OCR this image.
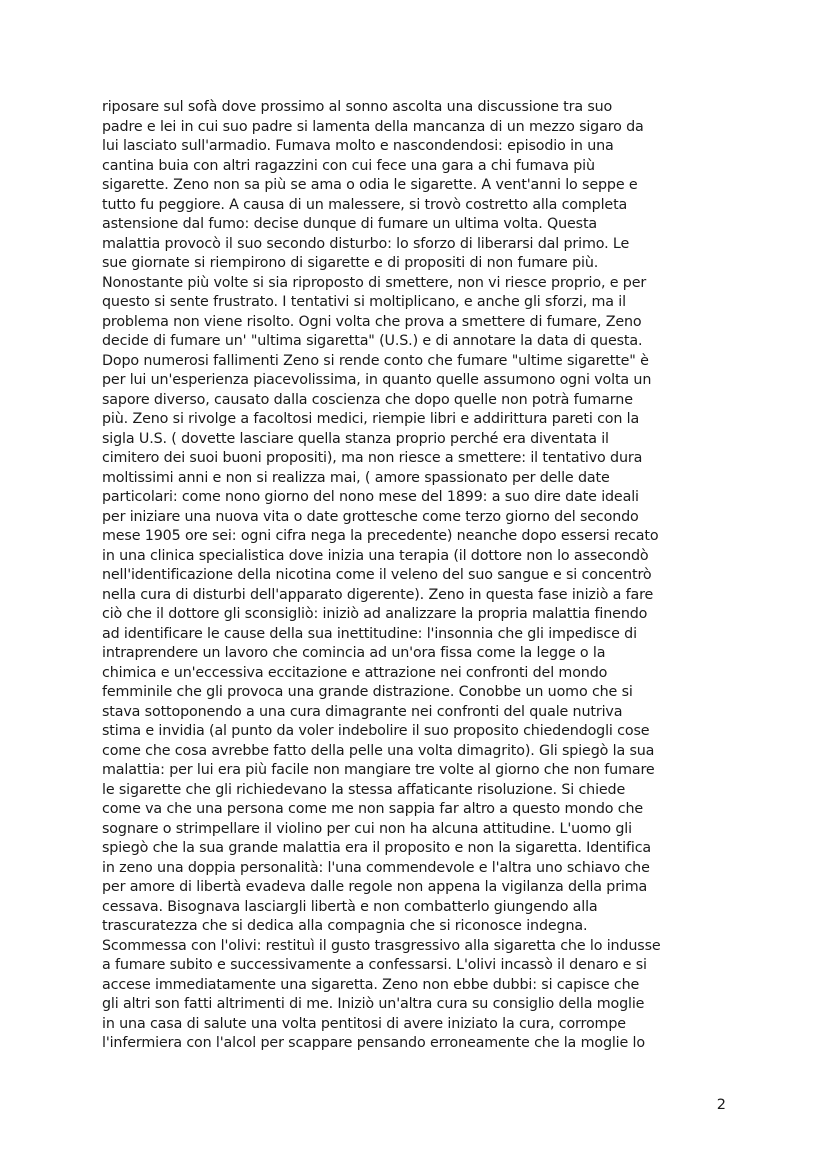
riposare sul sofà dove prossimo al sonno ascolta una discussione tra suo
padre e lei in cui suo padre si lamenta della mancanza di un mezzo sigaro da
lui lasciato sull'armadio. Fumava molto e nascondendosi: episodio in una
cantina buia con altri ragazzini con cui fece una gara a chi fumava più
sigarette. Zeno non sa più se ama o odia le sigarette. A vent'anni lo seppe e
tutto fu peggiore. A causa di un malessere, si trovò costretto alla completa
astensione dal fumo: decise dunque di fumare un ultima volta. Questa
malattia provocò il suo secondo disturbo: lo sforzo di liberarsi dal primo. Le
sue giornate si riempirono di sigarette e di propositi di non fumare più.
Nonostante più volte si sia riproposto di smettere, non vi riesce proprio, e per
questo si sente frustrato. I tentativi si moltiplicano, e anche gli sforzi, ma il
problema non viene risolto. Ogni volta che prova a smettere di fumare, Zeno
decide di fumare un' "ultima sigaretta" (U.S.) e di annotare la data di questa.
Dopo numerosi fallimenti Zeno si rende conto che fumare "ultime sigarette" è
per lui un'esperienza piacevolissima, in quanto quelle assumono ogni volta un
sapore diverso, causato dalla coscienza che dopo quelle non potrà fumarne
più. Zeno si rivolge a facoltosi medici, riempie libri e addirittura pareti con la
sigla U.S. ( dovette lasciare quella stanza proprio perché era diventata il
cimitero dei suoi buoni propositi), ma non riesce a smettere: il tentativo dura
moltissimi anni e non si realizza mai, ( amore spassionato per delle date
particolari: come nono giorno del nono mese del 1899: a suo dire date ideali
per iniziare una nuova vita o date grottesche come terzo giorno del secondo
mese 1905 ore sei: ogni cifra nega la precedente) neanche dopo essersi recato
in una clinica specialistica dove inizia una terapia (il dottore non lo assecondò
nell'identificazione della nicotina come il veleno del suo sangue e si concentrò
nella cura di disturbi dell'apparato digerente). Zeno in questa fase iniziò a fare
ciò che il dottore gli sconsigliò: iniziò ad analizzare la propria malattia finendo
ad identificare le cause della sua inettitudine: l'insonnia che gli impedisce di
intraprendere un lavoro che comincia ad un'ora fissa come la legge o la
chimica e un'eccessiva eccitazione e attrazione nei confronti del mondo
femminile che gli provoca una grande distrazione. Conobbe un uomo che si
stava sottoponendo a una cura dimagrante nei confronti del quale nutriva
stima e invidia (al punto da voler indebolire il suo proposito chiedendogli cose
come che cosa avrebbe fatto della pelle una volta dimagrito). Gli spiegò la sua
malattia: per lui era più facile non mangiare tre volte al giorno che non fumare
le sigarette che gli richiedevano la stessa affaticante risoluzione. Si chiede
come va che una persona come me non sappia far altro a questo mondo che
sognare o strimpellare il violino per cui non ha alcuna attitudine. L'uomo gli
spiegò che la sua grande malattia era il proposito e non la sigaretta. Identifica
in zeno una doppia personalità: l'una commendevole e l'altra uno schiavo che
per amore di libertà evadeva dalle regole non appena la vigilanza della prima
cessava. Bisognava lasciargli libertà e non combatterlo giungendo alla
trascuratezza che si dedica alla compagnia che si riconosce indegna.
Scommessa con l'olivi: restituì il gusto trasgressivo alla sigaretta che lo indusse
a fumare subito e successivamente a confessarsi. L'olivi incassò il denaro e si
accese immediatamente una sigaretta. Zeno non ebbe dubbi: si capisce che
gli altri son fatti altrimenti di me. Iniziò un'altra cura su consiglio della moglie
in una casa di salute una volta pentitosi di avere iniziato la cura, corrompe
l'infermiera con l'alcol per scappare pensando erroneamente che la moglie lo
2
